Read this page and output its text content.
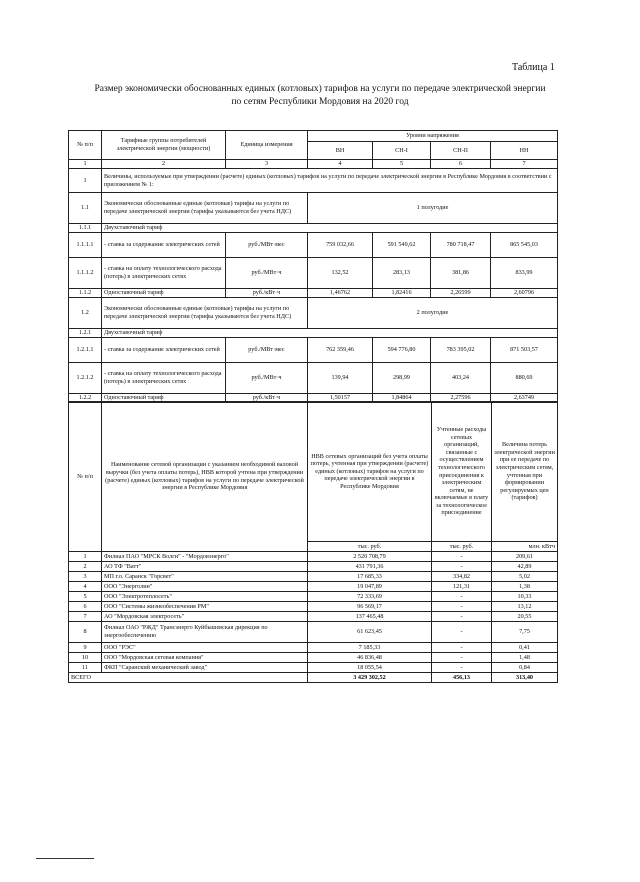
Таблица 1
Размер экономически обоснованных единых (котловых) тарифов на услуги по передаче электрической энергии
по сетям Республики Мордовия на 2020 год
№ п/п	Тарифные группы потребителей электрической энергии (мощности)	Единица измерения	Уровни напряжения			
			ВН	СН-I	СН-II	НН
1	2	3	4	5	6	7
1	Величины, используемые при утверждении (расчете) единых (котловых) тарифов на услуги по передаче электрической энергии в Республике Мордовия в соответствии с приложением № 1:					
1.1	Экономически обоснованные единые (котловые) тарифы на услуги по передаче электрической энергии (тарифы указываются без учета НДС)		1 полугодие			
1.1.1	Двухставочный тариф					
1.1.1.1	- ставка за содержание электрических сетей	руб./МВт·мес	759 032,66	591 549,62	780 718,47	865 545,03
1.1.1.2	- ставка на оплату технологического расхода (потерь) в электрических сетях	руб./МВт·ч	132,52	283,13	381,86	833,99
1.1.2	Одноставочный тариф	руб./кВт·ч	1,46762	1,82416	2,26599	2,60796
1.2	Экономически обоснованные единые (котловые) тарифы на услуги по передаче электрической энергии (тарифы указываются без учета НДС)		2 полугодие			
1.2.1	Двухставочный тариф					
1.2.1.1	- ставка за содержание электрических сетей	руб./МВт·мес	762 359,46	594 776,80	783 395,02	871 503,57
1.2.1.2	- ставка на оплату технологического расхода (потерь) в электрических сетях	руб./МВт·ч	139,94	298,99	403,24	880,69
1.2.2	Одноставочный тариф	руб./кВт·ч	1,50157	1,84864	2,27596	2,63749
№ п/п	Наименование сетевой организации с указанием необходимой валовой выручки (без учета оплаты потерь), НВВ которой учтена при утверждении (расчете) единых (котловых) тарифов на услуги по передаче электрической энергии в Республике Мордовия	НВВ сетевых организаций без учета оплаты потерь, учтенная при утверждении (расчете) единых (котловых) тарифов на услуги по передаче электрической энергии в Республике Мордовия	Учтенные расходы сетевых организаций, связанные с осуществлением технологического присоединения к электрическим сетям, не включаемые в плату за технологическое присоединение	Величина потерь электрической энергии при ее передаче по электрическим сетям, учтенная при формировании регулируемых цен (тарифов)
		тыс. руб.	тыс. руб.	млн. кВтч
1	Филиал ПАО "МРСК Волги" - "Мордовэнерго"	2 520 708,79	-	209,61
2	АО ТФ "Ватт"	431 791,36	-	42,89
3	МП г.о. Саранск "Горсвет"	17 685,33	334,82	5,02
4	ООО "Энерголин"	19 047,89	121,31	1,38
5	ООО "Электротеплосеть"	72 333,69	-	10,33
6	ООО "Системы жизнеобеспечения РМ"	96 569,17	-	13,12
7	АО "Мордовская электросеть"	137 465,48	-	20,55
8	Филиал ОАО "РЖД" Трансэнерго Куйбышевская дирекция по энергообеспечению	61 623,45	-	7,75
9	ООО "РЭС"	7 185,33	-	0,41
10	ООО "Мордовская сетевая компания"	46 836,48	-	1,48
11	ФКП "Саранский механический завод"	18 055,54	-	0,84
ВСЕГО		3 429 302,52	456,13	313,40
